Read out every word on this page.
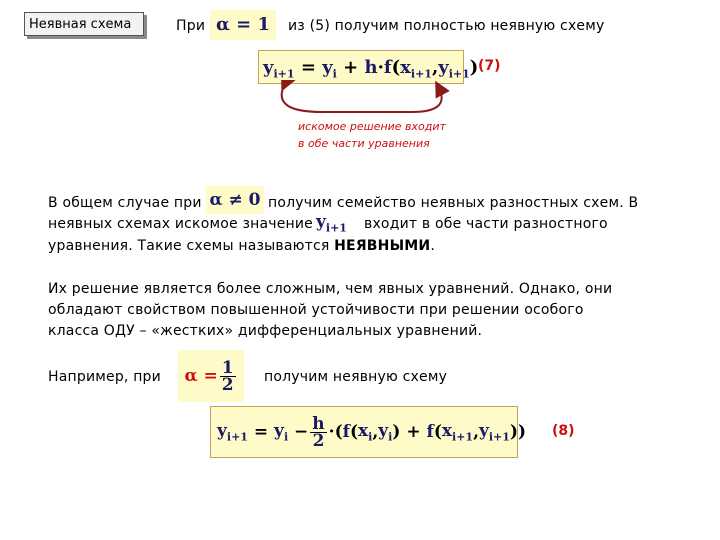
Неявная схема	При α = 1	из (5) получим полностью неявную схему
$y_{i+1} = y_i + h\cdot f(x_{i+1},y_{i+1})$ (7)
искомое решение входит
в обе части уравнения
В общем случае при α ≠ 0 получим семейство неявных разностных схем. В
неявных схемах искомое значение $y_{i+1}$ входит в обе части разностного
уравнения. Такие схемы называются НЕЯВНЫМИ.
Их решение является более сложным, чем явных уравнений. Однако, они
обладают свойством повышенной устойчивости при решении особого
класса ОДУ – «жестких» дифференциальных уравнений.
Например, при $\alpha = \frac{1}{2}$ получим неявную схему
$y_{i+1}$
=
$y_i$
− $\frac{h}{2}$ · ( f ( $x_i$ , $y_i$ ) +
f ( $x_{i+1}$ , $y_{i+1}$ ) ) (8)
